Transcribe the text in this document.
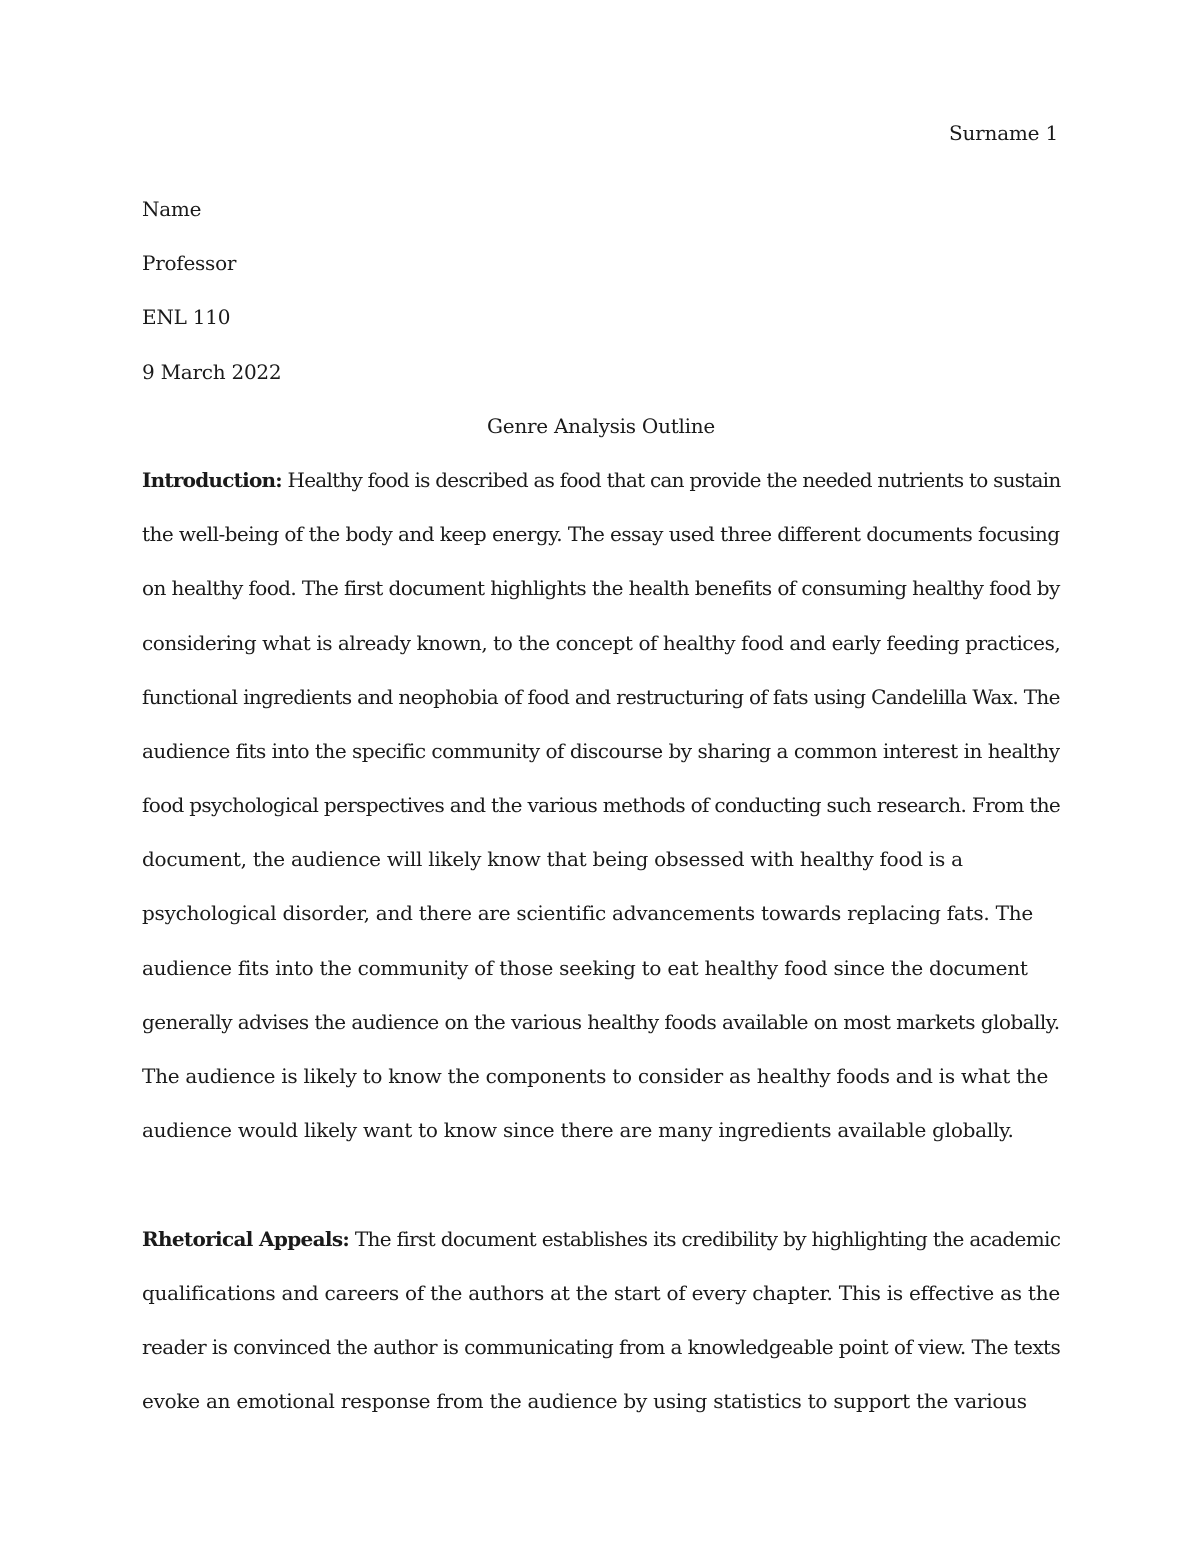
Surname 1

Name

Professor

ENL 110

9 March 2022

Genre Analysis Outline

Introduction: Healthy food is described as food that can provide the needed nutrients to sustain

the well-being of the body and keep energy. The essay used three different documents focusing

on healthy food. The first document highlights the health benefits of consuming healthy food by

considering what is already known, to the concept of healthy food and early feeding practices,

functional ingredients and neophobia of food and restructuring of fats using Candelilla Wax. The

audience fits into the specific community of discourse by sharing a common interest in healthy

food psychological perspectives and the various methods of conducting such research. From the

document, the audience will likely know that being obsessed with healthy food is a

psychological disorder, and there are scientific advancements towards replacing fats. The

audience fits into the community of those seeking to eat healthy food since the document

generally advises the audience on the various healthy foods available on most markets globally.

The audience is likely to know the components to consider as healthy foods and is what the

audience would likely want to know since there are many ingredients available globally.

Rhetorical Appeals: The first document establishes its credibility by highlighting the academic

qualifications and careers of the authors at the start of every chapter. This is effective as the

reader is convinced the author is communicating from a knowledgeable point of view. The texts

evoke an emotional response from the audience by using statistics to support the various
